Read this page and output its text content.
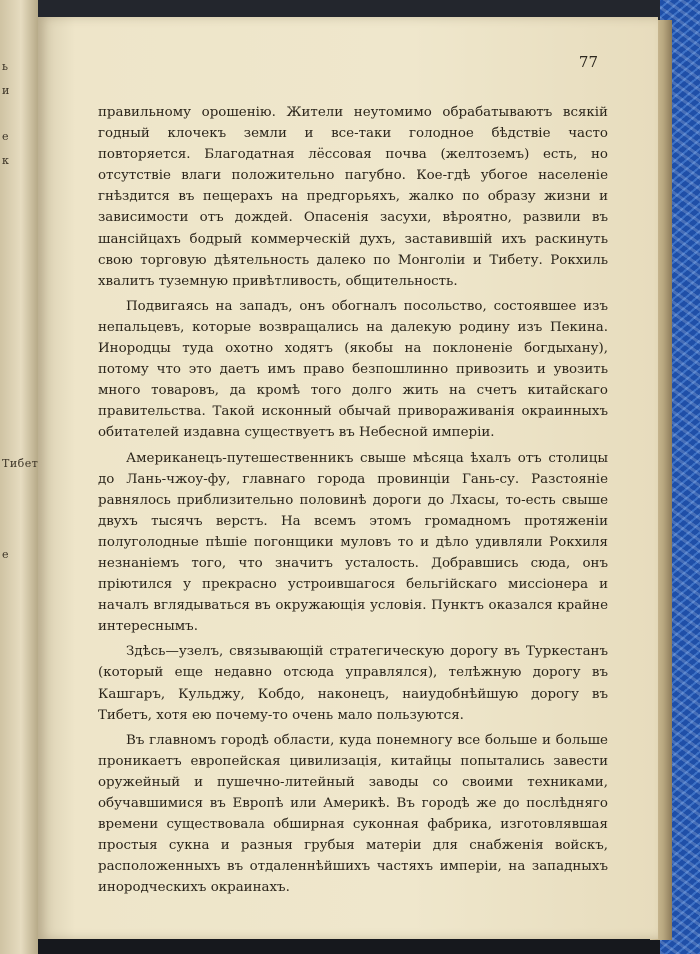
ь
и
е
к
Тибет
е
77

правильному орошенію. Жители неутомимо обрабатываютъ всякій годный клочекъ земли и все-таки голодное бѣдствіе часто повторяется. Благодатная лёссовая почва (желтоземъ) есть, но отсутствіе влаги положительно пагубно. Кое-гдѣ убогое населеніе гнѣздится въ пещерахъ на предгорьяхъ, жалко по образу жизни и зависимости отъ дождей. Опасенія засухи, вѣроятно, развили въ шансійцахъ бодрый коммерческій духъ, заставившій ихъ раскинуть свою торговую дѣятельность далеко по Монголіи и Тибету. Рокхиль хвалитъ туземную привѣтливость, общительность.

Подвигаясь на западъ, онъ обогналъ посольство, состоявшее изъ непальцевъ, которые возвращались на далекую родину изъ Пекина. Инородцы туда охотно ходятъ (якобы на поклоненіе богдыхану), потому что это даетъ имъ право безпошлинно привозить и увозить много товаровъ, да кромѣ того долго жить на счетъ китайскаго правительства. Такой исконный обычай привораживанія окраинныхъ обитателей издавна существуетъ въ Небесной имперіи.

Американецъ-путешественникъ свыше мѣсяца ѣхалъ отъ столицы до Лань-чжоу-фу, главнаго города провинціи Гань-су. Разстояніе равнялось приблизительно половинѣ дороги до Лхасы, то-есть свыше двухъ тысячъ верстъ. На всемъ этомъ громадномъ протяженіи полуголодные пѣшіе погонщики муловъ то и дѣло удивляли Рокхиля незнаніемъ того, что значитъ усталость. Добравшись сюда, онъ пріютился у прекрасно устроившагося бельгійскаго миссіонера и началъ вглядываться въ окружающія условія. Пунктъ оказался крайне интереснымъ.

Здѣсь—узелъ, связывающій стратегическую дорогу въ Туркестанъ (который еще недавно отсюда управлялся), телѣжную дорогу въ Кашгаръ, Кульджу, Кобдо, наконецъ, наиудобнѣйшую дорогу въ Тибетъ, хотя ею почему-то очень мало пользуются.

Въ главномъ городѣ области, куда понемногу все больше и больше проникаетъ европейская цивилизація, китайцы попытались завести оружейный и пушечно-литейный заводы со своими техниками, обучавшимися въ Европѣ или Америкѣ. Въ городѣ же до послѣдняго времени существовала обширная суконная фабрика, изготовлявшая простыя сукна и разныя грубыя матеріи для снабженія войскъ, расположенныхъ въ отдаленнѣйшихъ частяхъ имперіи, на западныхъ инородческихъ окраинахъ.
